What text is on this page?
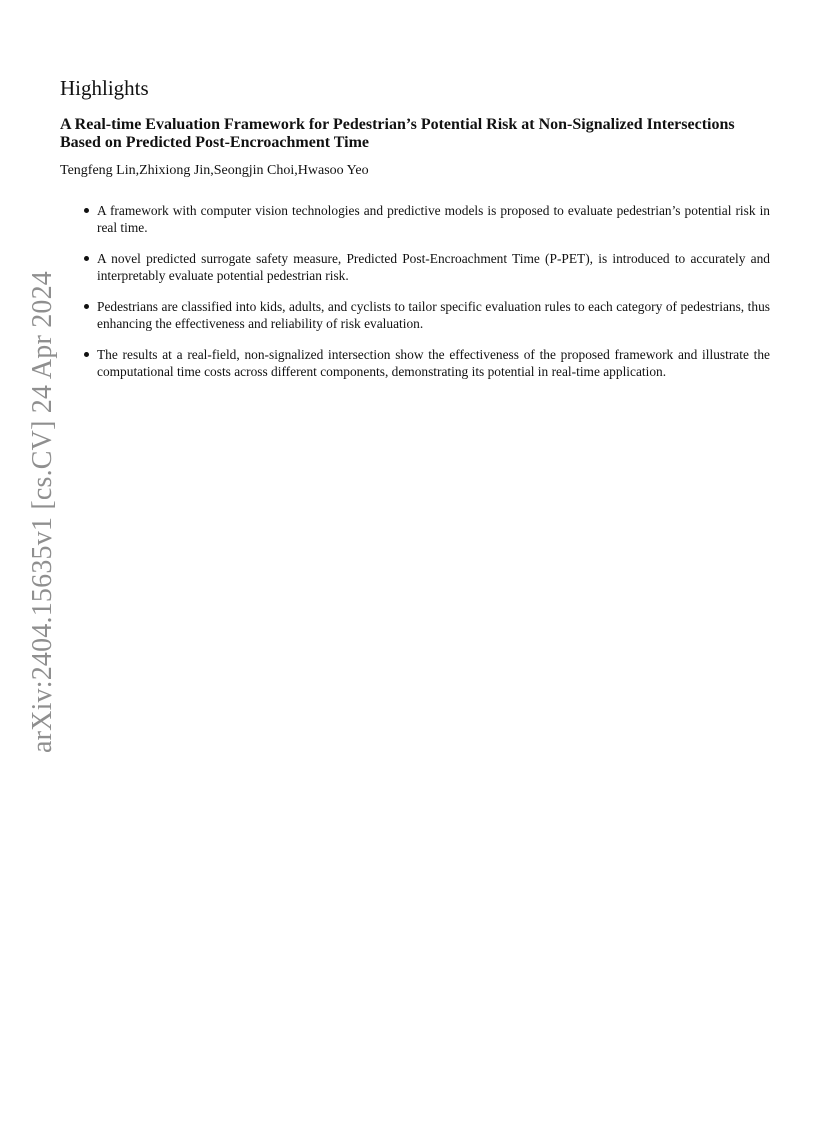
arXiv:2404.15635v1 [cs.CV] 24 Apr 2024
Highlights
A Real-time Evaluation Framework for Pedestrian’s Potential Risk at Non-Signalized Intersections Based on Predicted Post-Encroachment Time
Tengfeng Lin,Zhixiong Jin,Seongjin Choi,Hwasoo Yeo
A framework with computer vision technologies and predictive models is proposed to evaluate pedestrian’s potential risk in real time.
A novel predicted surrogate safety measure, Predicted Post-Encroachment Time (P-PET), is introduced to accurately and interpretably evaluate potential pedestrian risk.
Pedestrians are classified into kids, adults, and cyclists to tailor specific evaluation rules to each category of pedestrians, thus enhancing the effectiveness and reliability of risk evaluation.
The results at a real-field, non-signalized intersection show the effectiveness of the proposed framework and illustrate the computational time costs across different components, demonstrating its potential in real-time application.
